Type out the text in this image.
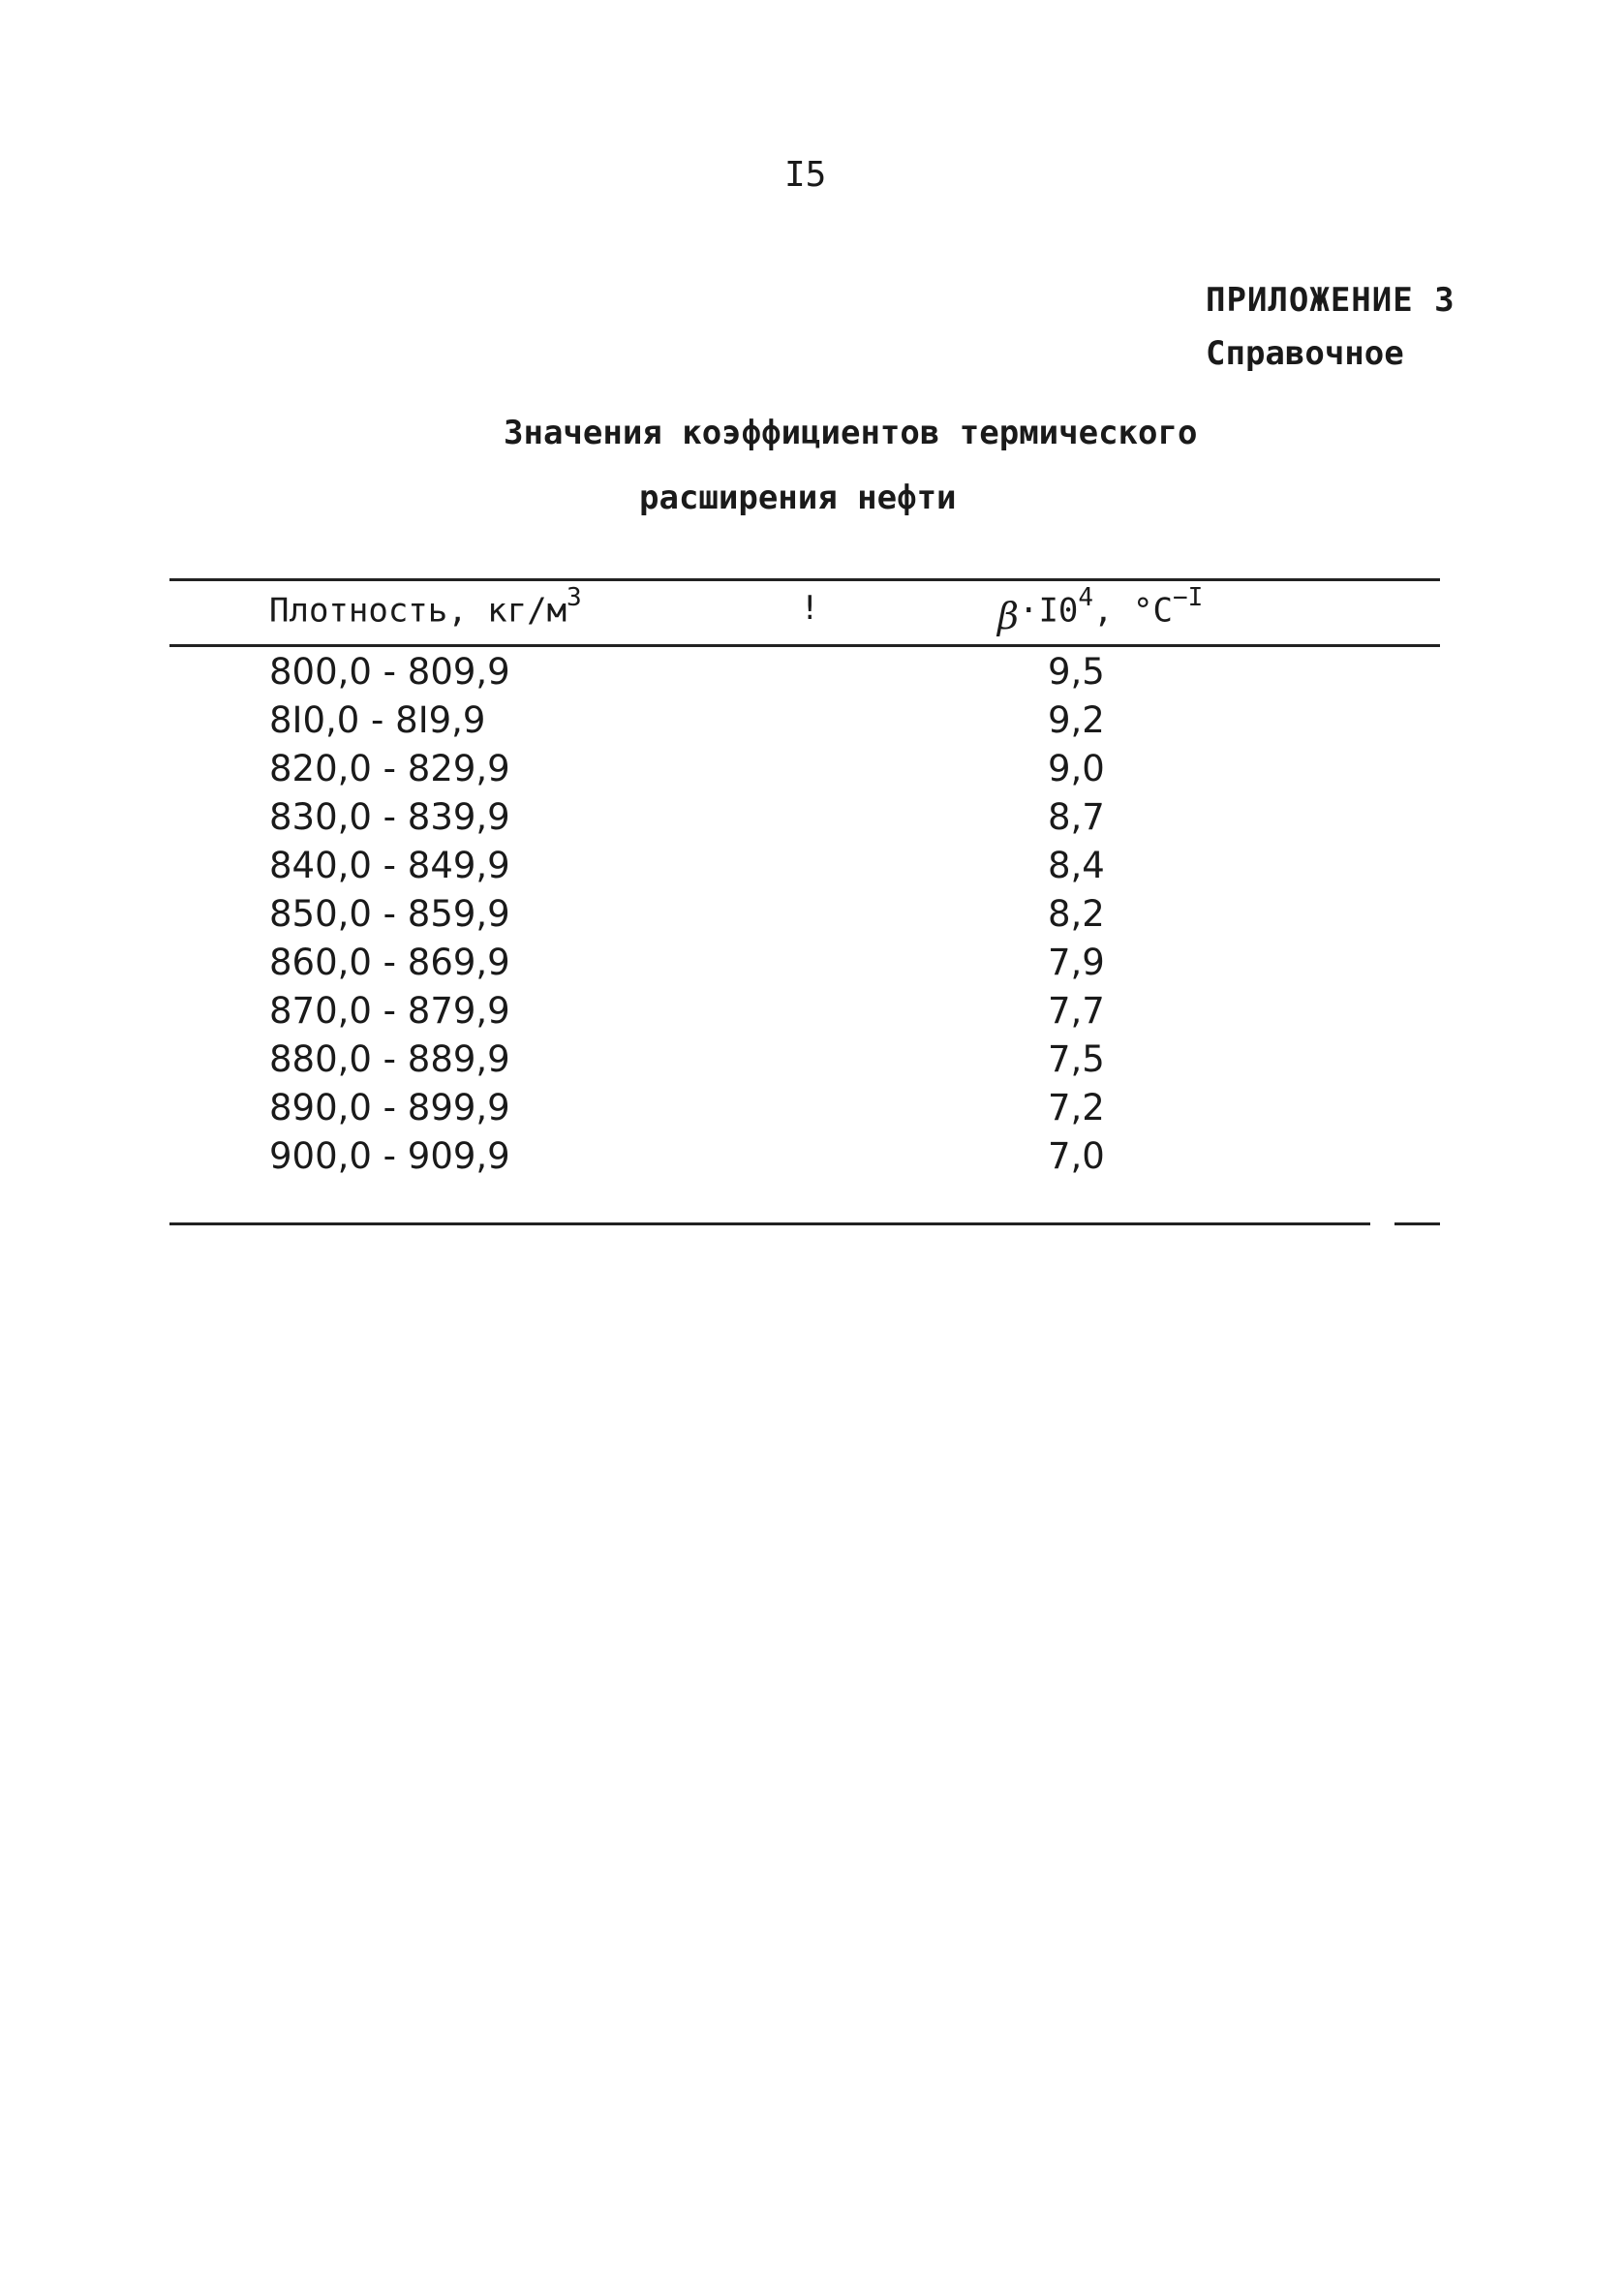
I5
ПРИЛОЖЕНИЕ 3
Справочное
Значения коэффициентов термического
расширения нефти
Плотность, $кг/м^3$	!	$\beta\cdot I0^4$, $^\circ C^{-I}$
800,0 - 809,9	9,5
8I0,0 - 8I9,9	9,2
820,0 - 829,9	9,0
830,0 - 839,9	8,7
840,0 - 849,9	8,4
850,0 - 859,9	8,2
860,0 - 869,9	7,9
870,0 - 879,9	7,7
880,0 - 889,9	7,5
890,0 - 899,9	7,2
900,0 - 909,9	7,0
